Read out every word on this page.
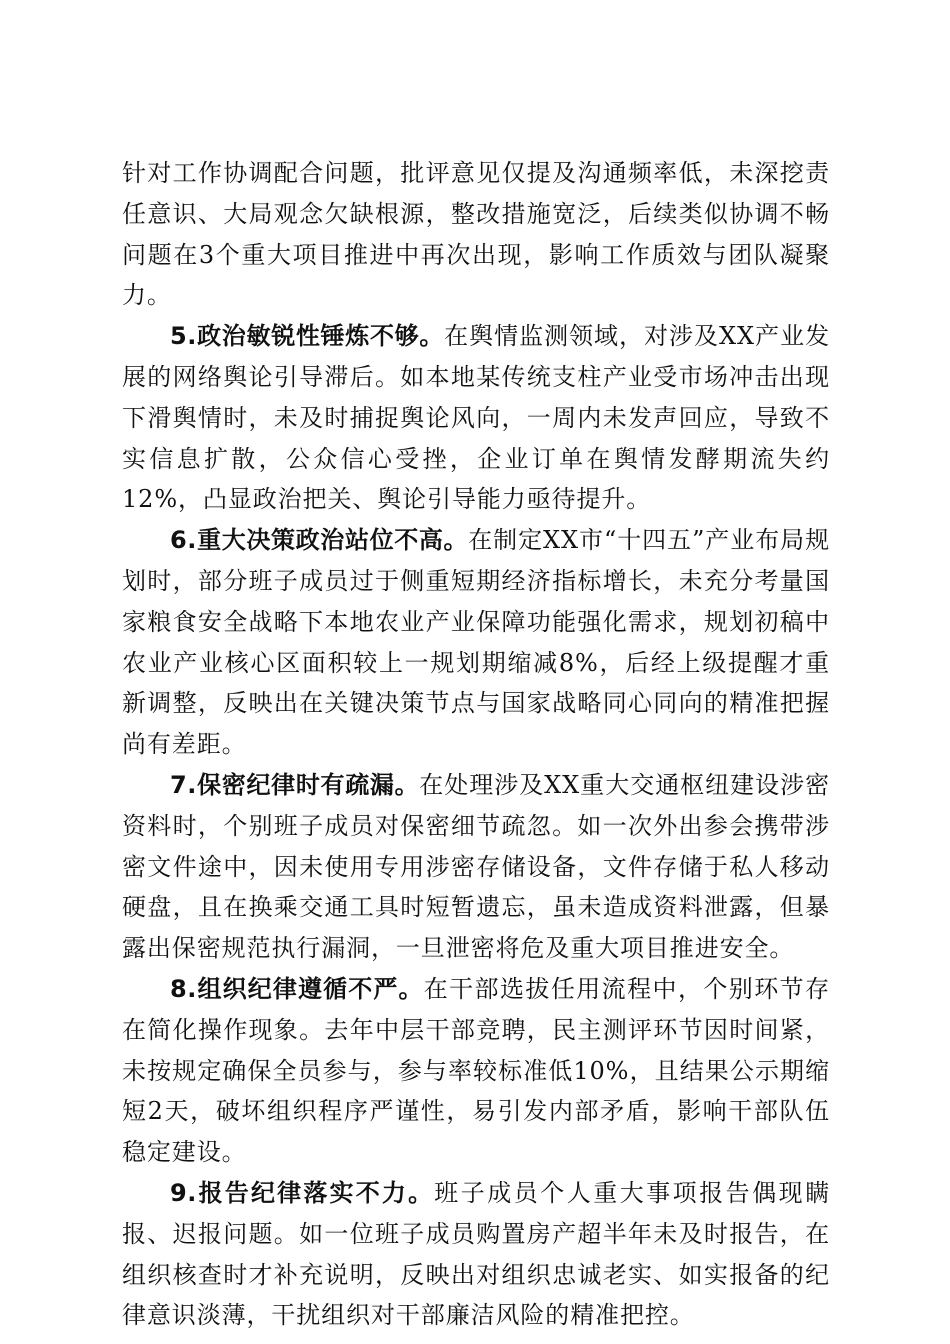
针对工作协调配合问题，批评意见仅提及沟通频率低，未深挖责任意识、大局观念欠缺根源，整改措施宽泛，后续类似协调不畅问题在3个重大项目推进中再次出现，影响工作质效与团队凝聚力。

5.政治敏锐性锤炼不够。在舆情监测领域，对涉及XX产业发展的网络舆论引导滞后。如本地某传统支柱产业受市场冲击出现下滑舆情时，未及时捕捉舆论风向，一周内未发声回应，导致不实信息扩散，公众信心受挫，企业订单在舆情发酵期流失约12%，凸显政治把关、舆论引导能力亟待提升。

6.重大决策政治站位不高。在制定XX市“十四五”产业布局规划时，部分班子成员过于侧重短期经济指标增长，未充分考量国家粮食安全战略下本地农业产业保障功能强化需求，规划初稿中农业产业核心区面积较上一规划期缩减8%，后经上级提醒才重新调整，反映出在关键决策节点与国家战略同心同向的精准把握尚有差距。

7.保密纪律时有疏漏。在处理涉及XX重大交通枢纽建设涉密资料时，个别班子成员对保密细节疏忽。如一次外出参会携带涉密文件途中，因未使用专用涉密存储设备，文件存储于私人移动硬盘，且在换乘交通工具时短暂遗忘，虽未造成资料泄露，但暴露出保密规范执行漏洞，一旦泄密将危及重大项目推进安全。

8.组织纪律遵循不严。在干部选拔任用流程中，个别环节存在简化操作现象。去年中层干部竞聘，民主测评环节因时间紧，未按规定确保全员参与，参与率较标准低10%，且结果公示期缩短2天，破坏组织程序严谨性，易引发内部矛盾，影响干部队伍稳定建设。

9.报告纪律落实不力。班子成员个人重大事项报告偶现瞒报、迟报问题。如一位班子成员购置房产超半年未及时报告，在组织核查时才补充说明，反映出对组织忠诚老实、如实报备的纪律意识淡薄，干扰组织对干部廉洁风险的精准把控。
